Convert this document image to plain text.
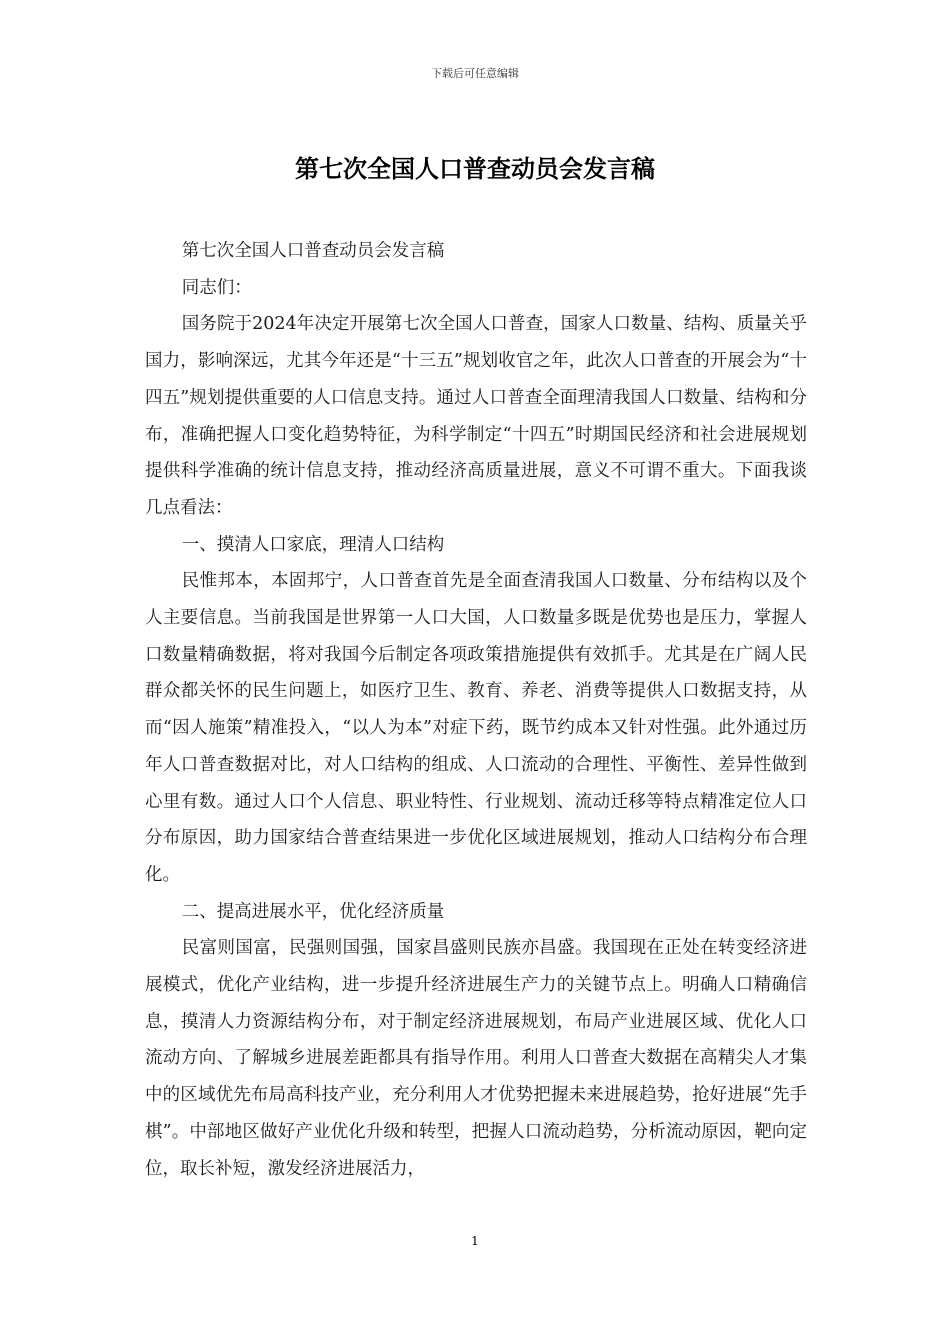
下载后可任意编辑
第七次全国人口普查动员会发言稿

第七次全国人口普查动员会发言稿

同志们：

国务院于2024年决定开展第七次全国人口普查，国家人口数量、结构、质量关乎国力，影响深远，尤其今年还是“十三五”规划收官之年，此次人口普查的开展会为“十四五”规划提供重要的人口信息支持。通过人口普查全面理清我国人口数量、结构和分布，准确把握人口变化趋势特征，为科学制定“十四五”时期国民经济和社会进展规划提供科学准确的统计信息支持，推动经济高质量进展，意义不可谓不重大。下面我谈几点看法：

一、摸清人口家底，理清人口结构

民惟邦本，本固邦宁，人口普查首先是全面查清我国人口数量、分布结构以及个人主要信息。当前我国是世界第一人口大国，人口数量多既是优势也是压力，掌握人口数量精确数据，将对我国今后制定各项政策措施提供有效抓手。尤其是在广阔人民群众都关怀的民生问题上，如医疗卫生、教育、养老、消费等提供人口数据支持，从而“因人施策”精准投入，“以人为本”对症下药，既节约成本又针对性强。此外通过历年人口普查数据对比，对人口结构的组成、人口流动的合理性、平衡性、差异性做到心里有数。通过人口个人信息、职业特性、行业规划、流动迁移等特点精准定位人口分布原因，助力国家结合普查结果进一步优化区域进展规划，推动人口结构分布合理化。

二、提高进展水平，优化经济质量

民富则国富，民强则国强，国家昌盛则民族亦昌盛。我国现在正处在转变经济进展模式，优化产业结构，进一步提升经济进展生产力的关键节点上。明确人口精确信息，摸清人力资源结构分布，对于制定经济进展规划，布局产业进展区域、优化人口流动方向、了解城乡进展差距都具有指导作用。利用人口普查大数据在高精尖人才集中的区域优先布局高科技产业，充分利用人才优势把握未来进展趋势，抢好进展“先手棋”。中部地区做好产业优化升级和转型，把握人口流动趋势，分析流动原因，靶向定位，取长补短，激发经济进展活力，

1
